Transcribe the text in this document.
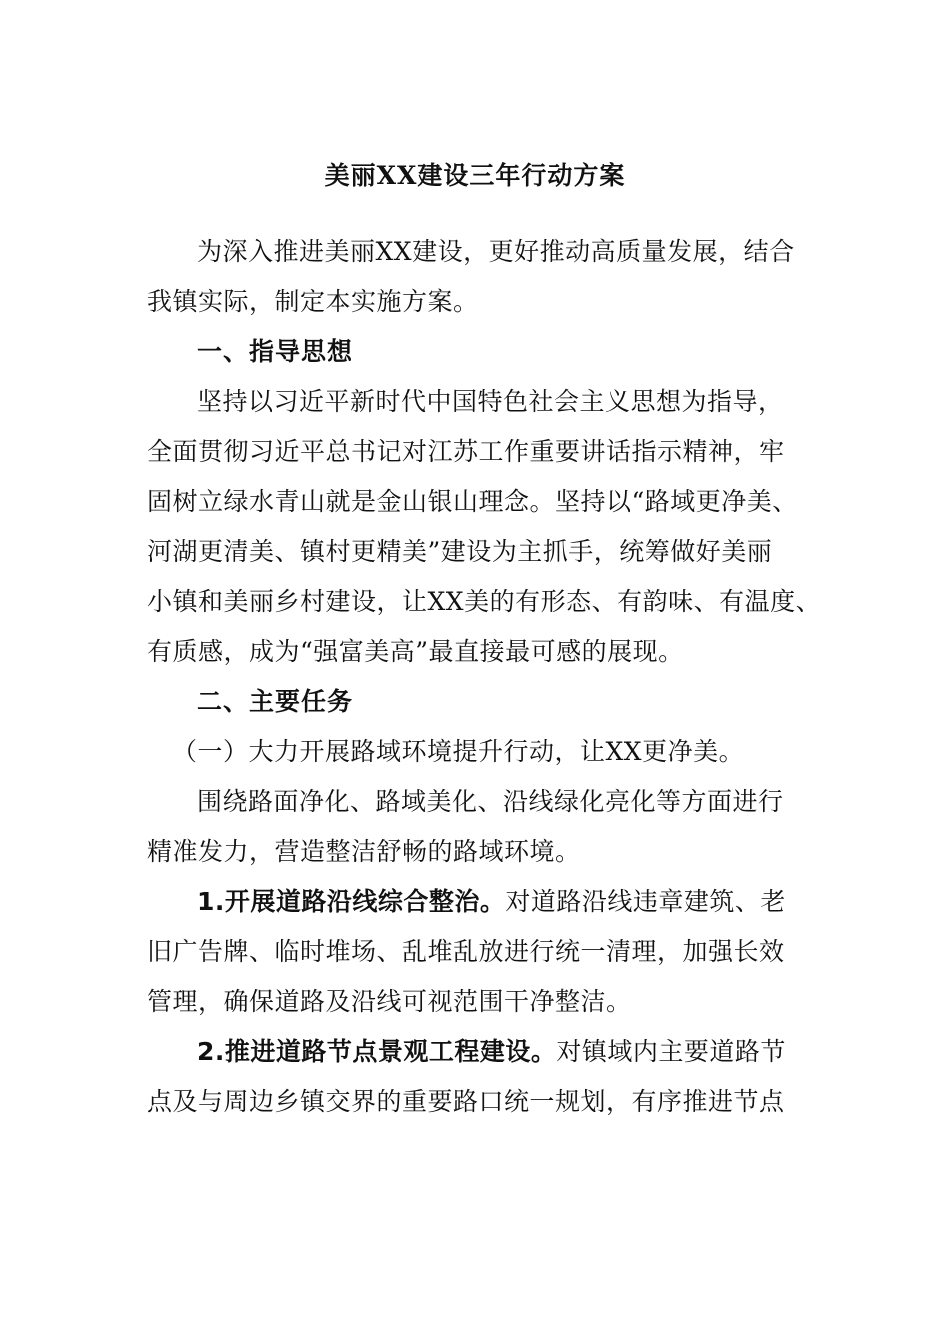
美丽XX建设三年行动方案
为深入推进美丽XX建设，更好推动高质量发展，结合
我镇实际，制定本实施方案。
一、指导思想
坚持以习近平新时代中国特色社会主义思想为指导，
全面贯彻习近平总书记对江苏工作重要讲话指示精神，牢
固树立绿水青山就是金山银山理念。坚持以“路域更净美、
河湖更清美、镇村更精美”建设为主抓手，统筹做好美丽
小镇和美丽乡村建设，让XX美的有形态、有韵味、有温度、
有质感，成为“强富美高”最直接最可感的展现。
二、主要任务
（一）大力开展路域环境提升行动，让XX更净美。
围绕路面净化、路域美化、沿线绿化亮化等方面进行
精准发力，营造整洁舒畅的路域环境。
1.开展道路沿线综合整治。对道路沿线违章建筑、老
旧广告牌、临时堆场、乱堆乱放进行统一清理，加强长效
管理，确保道路及沿线可视范围干净整洁。
2.推进道路节点景观工程建设。对镇域内主要道路节
点及与周边乡镇交界的重要路口统一规划，有序推进节点
